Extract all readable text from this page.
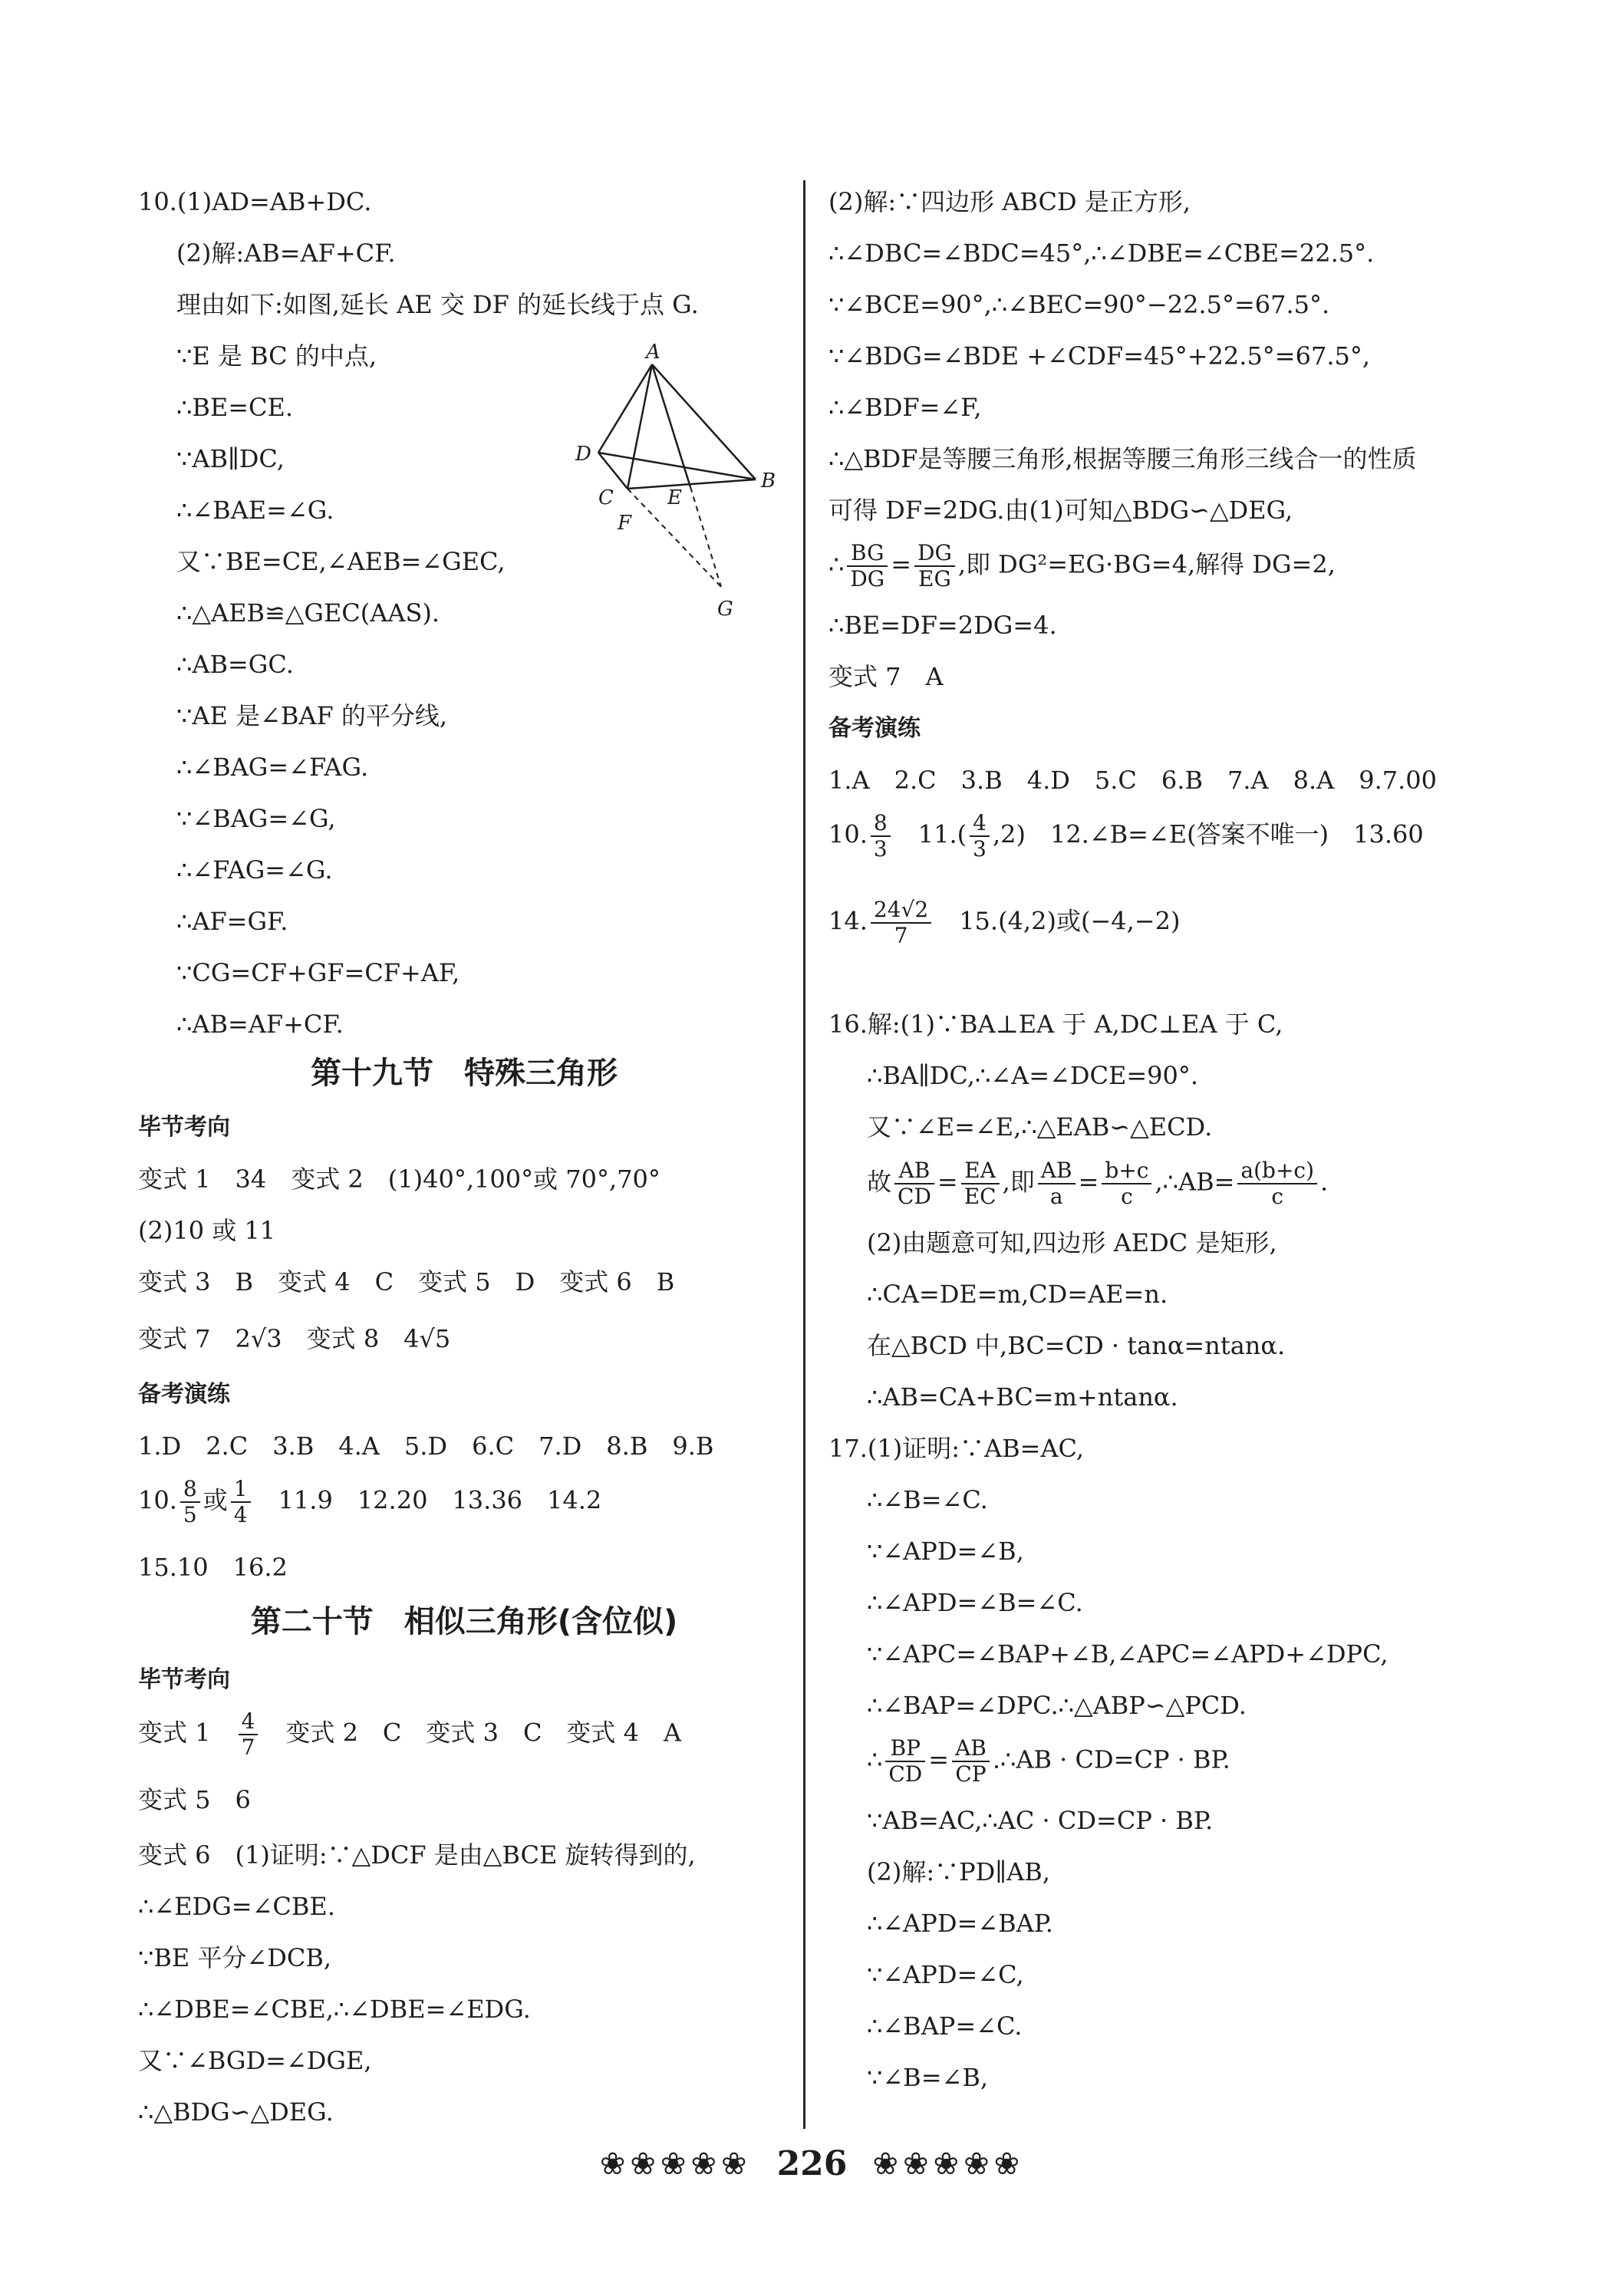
10.(1)AD=AB+DC.
(2)解:AB=AF+CF.
理由如下:如图,延长 AE 交 DF 的延长线于点 G.
∵E 是 BC 的中点,
∴BE=CE.
∵AB∥DC,
∴∠BAE=∠G.
又∵BE=CE,∠AEB=∠GEC,
∴△AEB≌△GEC(AAS).
∴AB=GC.
∵AE 是∠BAF 的平分线,
∴∠BAG=∠FAG.
∵∠BAG=∠G,
∴∠FAG=∠G.
∴AF=GF.
∵CG=CF+GF=CF+AF,
∴AB=AF+CF.
第十九节　特殊三角形
毕节考向
变式 1　34　变式 2　(1)40°,100°或 70°,70°
(2)10 或 11
变式 3　B　变式 4　C　变式 5　D　变式 6　B
变式 7　2√3　变式 8　4√5
备考演练
1.D　2.C　3.B　4.A　5.D　6.C　7.D　8.B　9.B
10. $\frac{8}{5}$ 或 $\frac{1}{4}$ 　11.9　12.20　13.36　14.2
15.10　16.2
第二十节　相似三角形(含位似)
毕节考向
变式 1　 $\frac{4}{7}$ 　变式 2　C　变式 3　C　变式 4　A
变式 5　6
变式 6　(1)证明:∵△DCF 是由△BCE 旋转得到的,
∴∠EDG=∠CBE.
∵BE 平分∠DCB,
∴∠DBE=∠CBE,∴∠DBE=∠EDG.
又∵∠BGD=∠DGE,
∴△BDG∽△DEG.
A
B
C
D
E
F
G
(2)解:∵四边形 ABCD 是正方形,
∴∠DBC=∠BDC=45°,∴∠DBE=∠CBE=22.5°.
∵∠BCE=90°,∴∠BEC=90°−22.5°=67.5°.
∵∠BDG=∠BDE +∠CDF=45°+22.5°=67.5°,
∴∠BDF=∠F,
∴△BDF是等腰三角形,根据等腰三角形三线合一的性质
可得 DF=2DG.由(1)可知△BDG∽△DEG,
∴ $\frac{BG}{DG} = \frac{DG}{EG}$ ,即 DG²=EG·BG=4,解得 DG=2,
∴BE=DF=2DG=4.
变式 7　A
备考演练
1.A　2.C　3.B　4.D　5.C　6.B　7.A　8.A　9.7.00
10. $\frac{8}{3}$ 　$11.( \frac{4}{3} ,2)$　12.∠B=∠E(答案不唯一)　13.60
14. $\frac{24√2}{7}$ 　15.(4,2)或(−4,−2)
16.解:(1)∵BA⊥EA 于 A,DC⊥EA 于 C,
∴BA∥DC,∴∠A=∠DCE=90°.
又∵∠E=∠E,∴△EAB∽△ECD.
故 $\frac{AB}{CD} = \frac{EA}{EC}$ ,即 $\frac{AB}{a} = \frac{b+c}{c}$ ,∴AB= $\frac{a(b+c)}{c}$ .
(2)由题意可知,四边形 AEDC 是矩形,
∴CA=DE=m,CD=AE=n.
在△BCD 中,BC=CD · tanα=ntanα.
∴AB=CA+BC=m+ntanα.
17.(1)证明:∵AB=AC,
∴∠B=∠C.
∵∠APD=∠B,
∴∠APD=∠B=∠C.
∵∠APC=∠BAP+∠B,∠APC=∠APD+∠DPC,
∴∠BAP=∠DPC.∴△ABP∽△PCD.
∴ $\frac{BP}{CD} = \frac{AB}{CP}$ .∴AB · CD=CP · BP.
∵AB=AC,∴AC · CD=CP · BP.
(2)解:∵PD∥AB,
∴∠APD=∠BAP.
∵∠APD=∠C,
∴∠BAP=∠C.
∵∠B=∠B,
❀❀❀❀❀ 226 ❀❀❀❀❀
